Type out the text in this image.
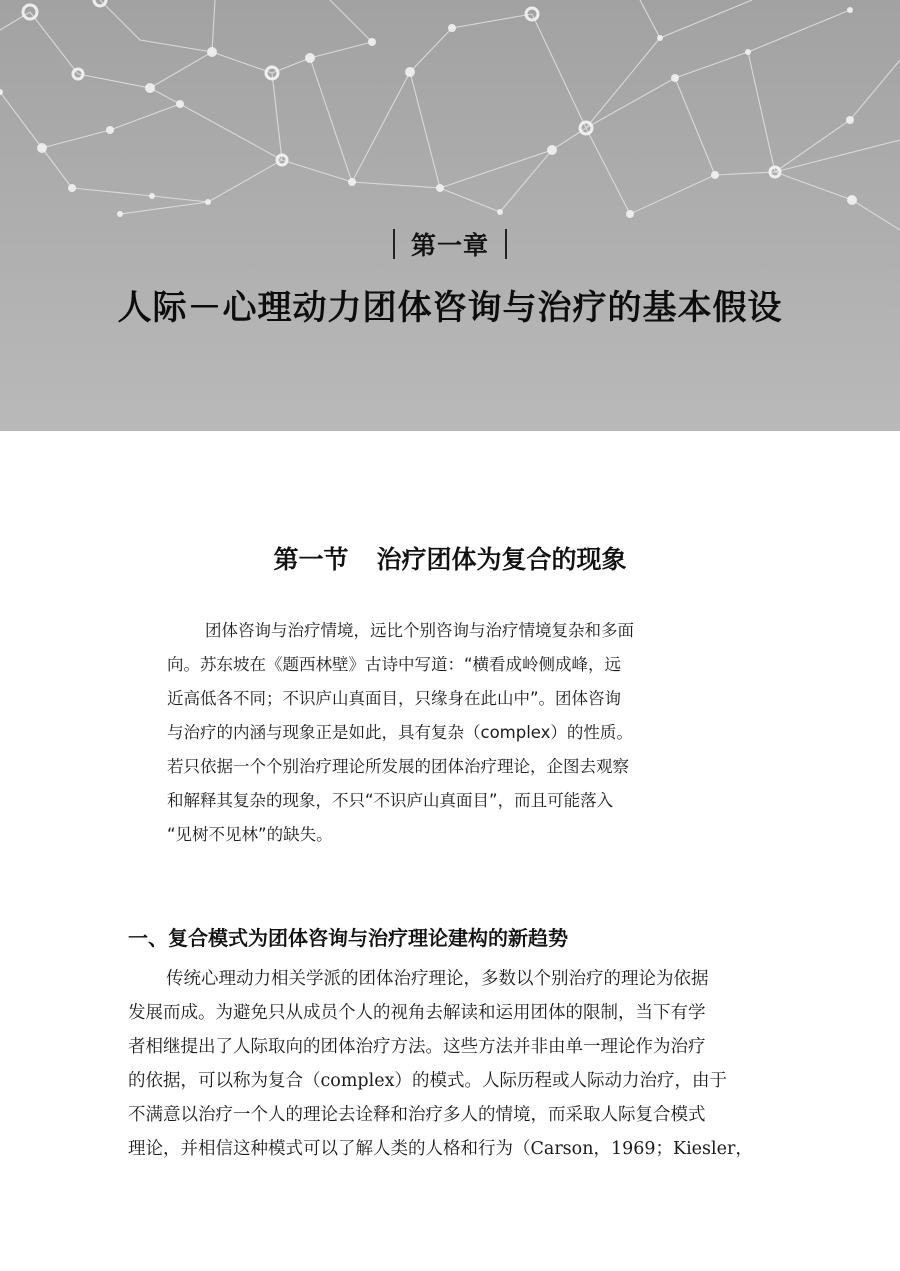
第一章
人际－心理动力团体咨询与治疗的基本假设
第一节 治疗团体为复合的现象
团体咨询与治疗情境，远比个别咨询与治疗情境复杂和多面
向。苏东坡在《题西林壁》古诗中写道：“横看成岭侧成峰，远
近高低各不同；不识庐山真面目，只缘身在此山中”。团体咨询
与治疗的内涵与现象正是如此，具有复杂（complex）的性质。
若只依据一个个别治疗理论所发展的团体治疗理论，企图去观察
和解释其复杂的现象，不只“不识庐山真面目”，而且可能落入
“见树不见林”的缺失。
一、复合模式为团体咨询与治疗理论建构的新趋势
传统心理动力相关学派的团体治疗理论，多数以个别治疗的理论为依据
发展而成。为避免只从成员个人的视角去解读和运用团体的限制，当下有学
者相继提出了人际取向的团体治疗方法。这些方法并非由单一理论作为治疗
的依据，可以称为复合（complex）的模式。人际历程或人际动力治疗，由于
不满意以治疗一个人的理论去诠释和治疗多人的情境，而采取人际复合模式
理论，并相信这种模式可以了解人类的人格和行为（Carson，1969；Kiesler，
